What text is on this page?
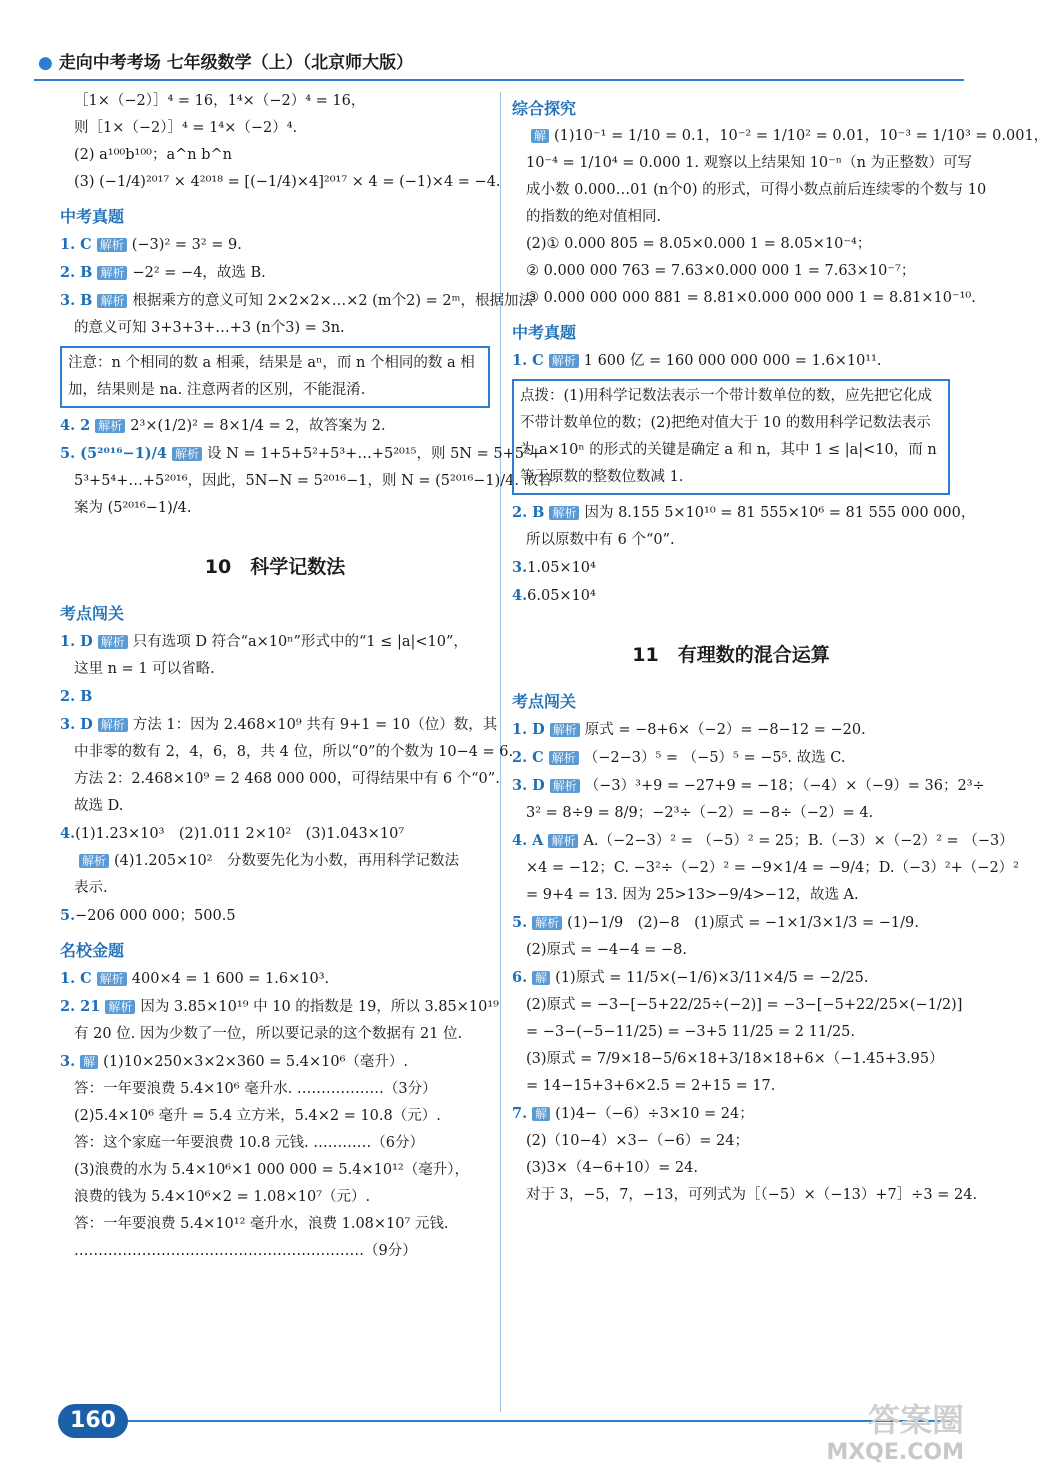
● 走向中考考场 七年级数学（上）（北京师大版）
［1×（−2）］⁴ = 16，1⁴×（−2）⁴ = 16，
则［1×（−2）］⁴ = 1⁴×（−2）⁴.
(2) a¹⁰⁰b¹⁰⁰；a^n b^n
(3) (−1/4)²⁰¹⁷ × 4²⁰¹⁸ = [(−1/4)×4]²⁰¹⁷ × 4 = (−1)×4 = −4.
中考真题
1. C 解析 (−3)² = 3² = 9.
2. B 解析 −2² = −4，故选 B.
3. B 解析 根据乘方的意义可知 2×2×2×…×2 (m个2) = 2ᵐ，根据加法
的意义可知 3+3+3+…+3 (n个3) = 3n.
注意：n 个相同的数 a 相乘，结果是 aⁿ，而 n 个相同的数 a 相加，结果则是 na. 注意两者的区别，不能混淆.
4. 2 解析 2³×(1/2)² = 8×1/4 = 2，故答案为 2.
5. (5²⁰¹⁶−1)/4 解析 设 N = 1+5+5²+5³+…+5²⁰¹⁵，则 5N = 5+5²+
5³+5⁴+…+5²⁰¹⁶，因此，5N−N = 5²⁰¹⁶−1，则 N = (5²⁰¹⁶−1)/4. 故答
案为 (5²⁰¹⁶−1)/4.
10　科学记数法
考点闯关
1. D 解析 只有选项 D 符合“a×10ⁿ”形式中的“1 ≤ |a|<10”，
这里 n = 1 可以省略.
2. B
3. D 解析 方法 1：因为 2.468×10⁹ 共有 9+1 = 10（位）数，其
中非零的数有 2，4，6，8，共 4 位，所以“0”的个数为 10−4 = 6.
方法 2：2.468×10⁹ = 2 468 000 000，可得结果中有 6 个“0”.
故选 D.
4.(1)1.23×10³　(2)1.011 2×10²　(3)1.043×10⁷
解析 (4)1.205×10²　分数要先化为小数，再用科学记数法
表示.
5.−206 000 000；500.5
名校金题
1. C 解析 400×4 = 1 600 = 1.6×10³.
2. 21 解析 因为 3.85×10¹⁹ 中 10 的指数是 19，所以 3.85×10¹⁹
有 20 位. 因为少数了一位，所以要记录的这个数据有 21 位.
3. 解 (1)10×250×3×2×360 = 5.4×10⁶（毫升）.
答：一年要浪费 5.4×10⁶ 毫升水. ………………（3分）
(2)5.4×10⁶ 毫升 = 5.4 立方米，5.4×2 = 10.8（元）.
答：这个家庭一年要浪费 10.8 元钱. …………（6分）
(3)浪费的水为 5.4×10⁶×1 000 000 = 5.4×10¹²（毫升），
浪费的钱为 5.4×10⁶×2 = 1.08×10⁷（元）.
答：一年要浪费 5.4×10¹² 毫升水，浪费 1.08×10⁷ 元钱.
……………………………………………………（9分）
综合探究
解 (1)10⁻¹ = 1/10 = 0.1，10⁻² = 1/10² = 0.01，10⁻³ = 1/10³ = 0.001，
10⁻⁴ = 1/10⁴ = 0.000 1. 观察以上结果知 10⁻ⁿ（n 为正整数）可写
成小数 0.000…01 (n个0) 的形式，可得小数点前后连续零的个数与 10
的指数的绝对值相同.
(2)① 0.000 805 = 8.05×0.000 1 = 8.05×10⁻⁴；
② 0.000 000 763 = 7.63×0.000 000 1 = 7.63×10⁻⁷；
③ 0.000 000 000 881 = 8.81×0.000 000 000 1 = 8.81×10⁻¹⁰.
中考真题
1. C 解析 1 600 亿 = 160 000 000 000 = 1.6×10¹¹.
点拨：(1)用科学记数法表示一个带计数单位的数，应先把它化成不带计数单位的数；(2)把绝对值大于 10 的数用科学记数法表示为 a×10ⁿ 的形式的关键是确定 a 和 n，其中 1 ≤ |a|<10，而 n 等于原数的整数位数减 1.
2. B 解析 因为 8.155 5×10¹⁰ = 81 555×10⁶ = 81 555 000 000，
所以原数中有 6 个“0”.
3.1.05×10⁴
4.6.05×10⁴
11　有理数的混合运算
考点闯关
1. D 解析 原式 = −8+6×（−2）= −8−12 = −20.
2. C 解析 （−2−3）⁵ = （−5）⁵ = −5⁵. 故选 C.
3. D 解析 （−3）³+9 = −27+9 = −18；（−4）×（−9）= 36；2³÷
3² = 8÷9 = 8/9；−2³÷（−2）= −8÷（−2）= 4.
4. A 解析 A.（−2−3）² = （−5）² = 25；B.（−3）×（−2）² = （−3）
×4 = −12；C. −3²÷（−2）² = −9×1/4 = −9/4；D.（−3）²+（−2）²
= 9+4 = 13. 因为 25>13>−9/4>−12，故选 A.
5. 解析 (1)−1/9　(2)−8　(1)原式 = −1×1/3×1/3 = −1/9.
(2)原式 = −4−4 = −8.
6. 解 (1)原式 = 11/5×(−1/6)×3/11×4/5 = −2/25.
(2)原式 = −3−[−5+22/25÷(−2)] = −3−[−5+22/25×(−1/2)]
= −3−(−5−11/25) = −3+5 11/25 = 2 11/25.
(3)原式 = 7/9×18−5/6×18+3/18×18+6×（−1.45+3.95）
= 14−15+3+6×2.5 = 2+15 = 17.
7. 解 (1)4−（−6）÷3×10 = 24；
(2)（10−4）×3−（−6）= 24；
(3)3×（4−6+10）= 24.
对于 3，−5，7，−13，可列式为［（−5）×（−13）+7］÷3 = 24.
160	答案圈
MXQE.COM
